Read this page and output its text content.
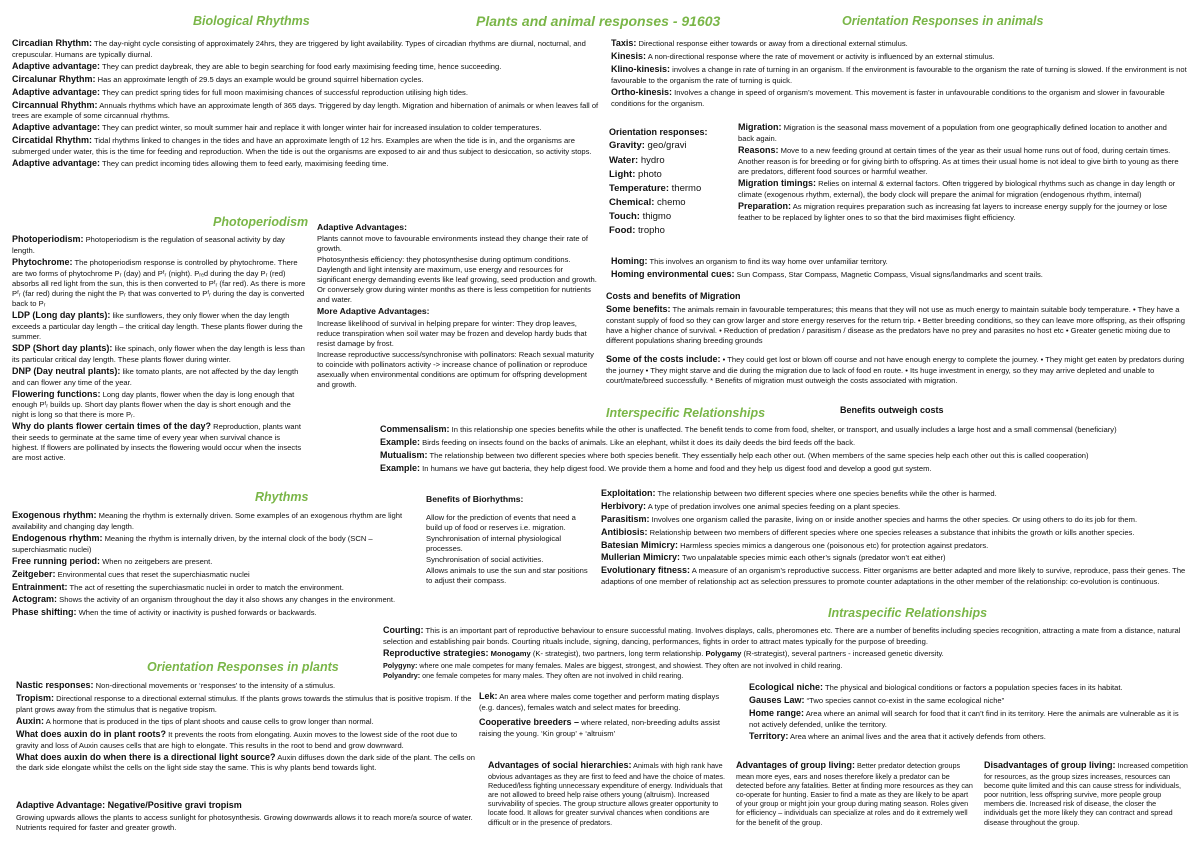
Biological Rhythms	Plants and animal responses - 91603	Orientation Responses in animals
Photoperiodism
Rhythms
Orientation Responses in plants
Interspecific Relationships
Intraspecific Relationships

Circadian Rhythm: The day-night cycle consisting of approximately 24hrs, they are triggered by light availability. Types of circadian rhythms are diurnal, nocturnal, and crepuscular. Humans are typically diurnal.

Adaptive advantage: They can predict daybreak, they are able to begin searching for food early maximising feeding time, hence succeeding.

Circalunar Rhythm: Has an approximate length of 29.5 days an example would be ground squirrel hibernation cycles.

Adaptive advantage: They can predict spring tides for full moon maximising chances of successful reproduction utilising high tides.

Circannual Rhythm: Annuals rhythms which have an approximate length of 365 days. Triggered by day length. Migration and hibernation of animals or when leaves fall of trees are example of some circannual rhythms.

Adaptive advantage: They can predict winter, so moult summer hair and replace it with longer winter hair for increased insulation to colder temperatures.

Circatidal Rhythm: Tidal rhythms linked to changes in the tides and have an approximate length of 12 hrs. Examples are when the tide is in, and the organisms are submerged under water, this is the time for feeding and reproduction. When the tide is out the organisms are exposed to air and thus subject to desiccation, so activity stops.

Adaptive advantage: They can predict incoming tides allowing them to feed early, maximising feeding time.

Photoperiodism: Photoperiodism is the regulation of seasonal activity by day length.

Phytochrome: The photoperiodism response is controlled by phytochrome. There are two forms of phytochrome Pᵣ (day) and Pᶠᵣ (night). Pᵣₑd during the day Pᵣ (red) absorbs all red light from the sun, this is then converted to Pᶠᵣ (far red). As there is more Pᶠᵣ (far red) during the night the Pᵣ that was converted to Pᶠᵣ during the day is converted back to Pᵣ

LDP (Long day plants): like sunflowers, they only flower when the day length exceeds a particular day length – the critical day length. These plants flower during the summer.

SDP (Short day plants): like spinach, only flower when the day length is less than its particular critical day length. These plants flower during winter.

DNP (Day neutral plants): like tomato plants, are not affected by the day length and can flower any time of the year.

Flowering functions: Long day plants, flower when the day is long enough that enough Pᶠᵣ builds up. Short day plants flower when the day is short enough and the night is long so that there is more Pᵣ.

Why do plants flower certain times of the day? Reproduction, plants want their seeds to germinate at the same time of every year when survival chance is highest. If flowers are pollinated by insects the flowering would occur when the insects are most active.

Adaptive Advantages:

Plants cannot move to favourable environments instead they change their rate of growth.

Photosynthesis efficiency: they photosynthesise during optimum conditions. Daylength and light intensity are maximum, use energy and resources for significant energy demanding events like leaf growing, seed production and growth. Or conversely grow during winter months as there is less competition for nutrients and water.

More Adaptive Advantages:

Increase likelihood of survival in helping prepare for winter: They drop leaves, reduce transpiration when soil water may be frozen and develop hardy buds that resist damage by frost.

Increase reproductive success/synchronise with pollinators: Reach sexual maturity to coincide with pollinators activity -> increase chance of pollination or reproduce asexually when environmental conditions are optimum for offspring development and growth.

Exogenous rhythm: Meaning the rhythm is externally driven. Some examples of an exogenous rhythm are light availability and changing day length.

Endogenous rhythm: Meaning the rhythm is internally driven, by the internal clock of the body (SCN – superchiasmatic nuclei)

Free running period: When no zeitgebers are present.

Zeitgeber: Environmental cues that reset the superchiasmatic nuclei

Entrainment: The act of resetting the superchiasmatic nuclei in order to match the environment.

Actogram: Shows the activity of an organism throughout the day it also shows any changes in the environment.

Phase shifting: When the time of activity or inactivity is pushed forwards or backwards.

Benefits of Biorhythms:

Allow for the prediction of events that need a build up of food or reserves i.e. migration.

Synchronisation of internal physiological processes.

Synchronisation of social activities.

Allows animals to use the sun and star positions to adjust their compass.

Nastic responses: Non-directional movements or ‘responses’ to the intensity of a stimulus.

Tropism: Directional response to a directional external stimulus. If the plants grows towards the stimulus that is positive tropism. If the plant grows away from the stimulus that is negative tropism.

Auxin: A hormone that is produced in the tips of plant shoots and cause cells to grow longer than normal.

What does auxin do in plant roots? It prevents the roots from elongating. Auxin moves to the lowest side of the root due to gravity and loss of Auxin causes cells that are high to elongate. This results in the root to bend and grow downward.

What does auxin do when there is a directional light source? Auxin diffuses down the dark side of the plant. The cells on the dark side elongate whilst the cells on the light side stay the same. This is why plants bend towards light.

Adaptive Advantage: Negative/Positive gravi tropism

Growing upwards allows the plants to access sunlight for photosynthesis. Growing downwards allows it to reach more/a source of water. Nutrients required for faster and greater growth.

Taxis: Directional response either towards or away from a directional external stimulus.

Kinesis: A non-directional response where the rate of movement or activity is influenced by an external stimulus.

Klino-kinesis: involves a change in rate of turning in an organism. If the environment is favourable to the organism the rate of turning is slowed. If the environment is not favourable to the organism the rate of turning is quick.

Ortho-kinesis: Involves a change in speed of organism’s movement. This movement is faster in unfavourable conditions to the organism and slower in favourable conditions for the organism.

Orientation responses:

Gravity: geo/gravi

Water: hydro

Light: photo

Temperature: thermo

Chemical: chemo

Touch: thigmo

Food: tropho

Migration: Migration is the seasonal mass movement of a population from one geographically defined location to another and back again.

Reasons: Move to a new feeding ground at certain times of the year as their usual home runs out of food, during certain times. Another reason is for breeding or for giving birth to offspring. As at times their usual home is not ideal to give birth to young as there are predators, different food sources or harmful weather.

Migration timings: Relies on internal & external factors. Often triggered by biological rhythms such as change in day length or climate (exogenous rhythm, external), the body clock will prepare the animal for migration (endogenous rhythm, internal)

Preparation: As migration requires preparation such as increasing fat layers to increase energy supply for the journey or lose feather to be replaced by lighter ones to so that the bird maximises flight efficiency.

Homing: This involves an organism to find its way home over unfamiliar territory.

Homing environmental cues: Sun Compass, Star Compass, Magnetic Compass, Visual signs/landmarks and scent trails.

Costs and benefits of Migration

Some benefits: The animals remain in favourable temperatures; this means that they will not use as much energy to maintain suitable body temperature. • They have a constant supply of food so they can grow larger and store energy reserves for the return trip. • Better breeding conditions, so they can leave more offspring, as their offspring have a higher chance of survival. • Reduction of predation / parasitism / disease as the predators have no prey and parasites no host etc • Greater genetic mixing due to different populations sharing breeding grounds

Some of the costs include: • They could get lost or blown off course and not have enough energy to complete the journey. • They might get eaten by predators during the journey • They might starve and die during the migration due to lack of food en route. • Its huge investment in energy, so they may arrive depleted and unable to court/mate/breed successfully. * Benefits of migration must outweigh the costs associated with migration.

Benefits outweigh costs

Commensalism: In this relationship one species benefits while the other is unaffected. The benefit tends to come from food, shelter, or transport, and usually includes a large host and a small commensal (beneficiary)

Example: Birds feeding on insects found on the backs of animals. Like an elephant, whilst it does its daily deeds the bird feeds off the back.

Mutualism: The relationship between two different species where both species benefit. They essentially help each other out. (When members of the same species help each other out this is called cooperation)

Example: In humans we have gut bacteria, they help digest food. We provide them a home and food and they help us digest food and develop a good gut system.

Exploitation: The relationship between two different species where one species benefits while the other is harmed.

Herbivory: A type of predation involves one animal species feeding on a plant species.

Parasitism: Involves one organism called the parasite, living on or inside another species and harms the other species. Or using others to do its job for them.

Antibiosis: Relationship between two members of different species where one species releases a substance that inhibits the growth or kills another species.

Batesian Mimicry: Harmless species mimics a dangerous one (poisonous etc) for protection against predators.

Mullerian Mimicry: Two unpalatable species mimic each other’s signals (predator won’t eat either)

Evolutionary fitness: A measure of an organism’s reproductive success. Fitter organisms are better adapted and more likely to survive, reproduce, pass their genes. The adaptions of one member of relationship act as selection pressures to promote counter adaptations in the other member of the relationship: co-evolution is continuous.

Courting: This is an important part of reproductive behaviour to ensure successful mating. Involves displays, calls, pheromones etc. There are a number of benefits including species recognition, attracting a mate from a distance, natural selection and establishing pair bonds. Courting rituals include, signing, dancing, performances, fights in order to attract mates typically for the purpose of breeding.

Reproductive strategies: Monogamy (K- strategist), two partners, long term relationship. Polygamy (R-strategist), several partners - increased genetic diversity.

Polygyny: where one male competes for many females. Males are biggest, strongest, and showiest. They often are not involved in child rearing.

Polyandry: one female competes for many males. They often are not involved in child rearing.

Lek: An area where males come together and perform mating displays (e.g. dances), females watch and select mates for breeding.

Cooperative breeders – where related, non-breeding adults assist raising the young. ‘Kin group’ + ‘altruism’

Ecological niche: The physical and biological conditions or factors a population species faces in its habitat.

Gauses Law: “Two species cannot co-exist in the same ecological niche”

Home range: Area where an animal will search for food that it can’t find in its territory. Here the animals are vulnerable as it is not actively defended, unlike the territory.

Territory: Area where an animal lives and the area that it actively defends from others.

Advantages of social hierarchies: Animals with high rank have obvious advantages as they are first to feed and have the choice of mates. Reduced/less fighting unnecessary expenditure of energy. Individuals that are not allowed to breed help raise others young (altruism). Increased survivability of species. The group structure allows greater opportunity to locate food. It allows for greater survival chances when conditions are difficult or in the presence of predators.

Advantages of group living: Better predator detection groups mean more eyes, ears and noses therefore likely a predator can be detected before any fatalities. Better at finding more resources as they can co-operate for hunting. Easier to find a mate as they are likely to be apart of your group or might join your group during mating season. Roles given for efficiency – individuals can specialize at roles and do it extremely well for the benefit of the group.

Disadvantages of group living: Increased competition for resources, as the group sizes increases, resources can become quite limited and this can cause stress for individuals, poor nutrition, less offspring survive, more people group members die. Increased risk of disease, the closer the individuals get the more likely they can contract and spread disease throughout the group.
